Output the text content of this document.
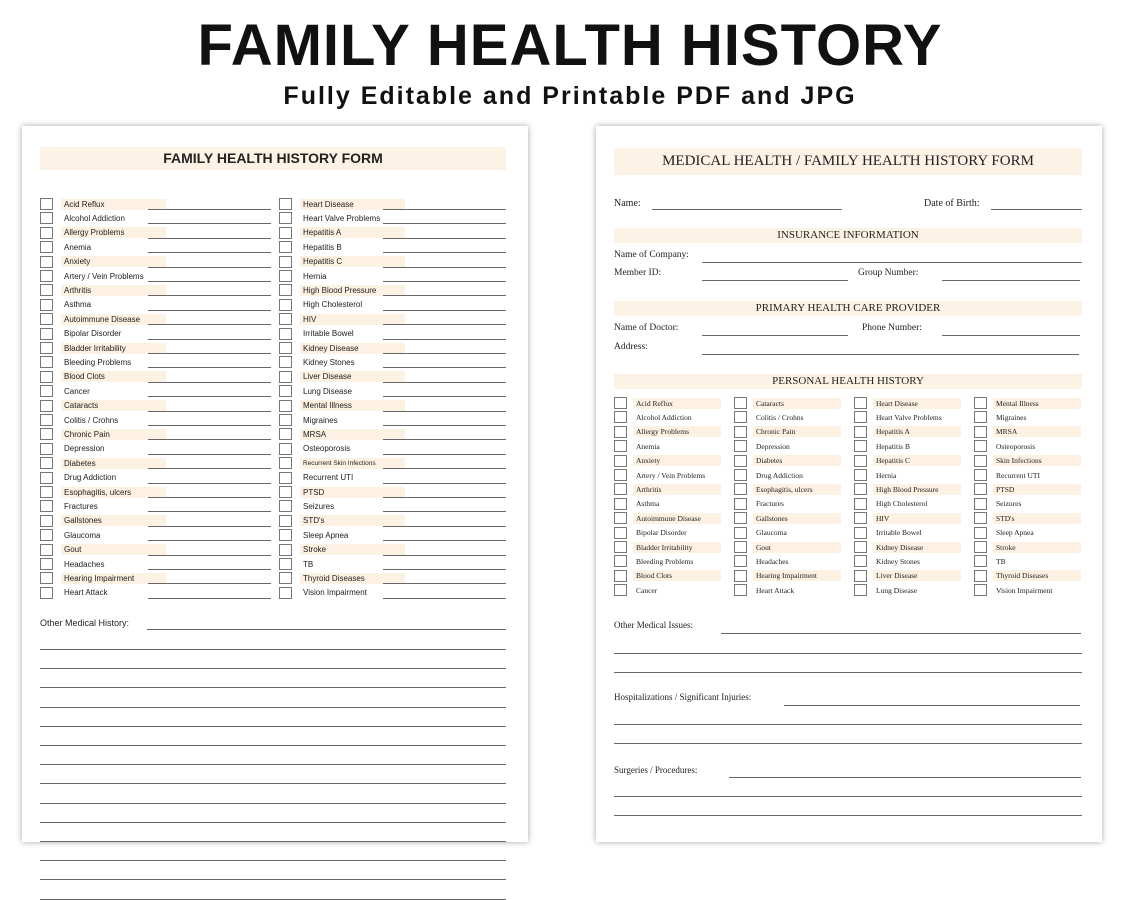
FAMILY HEALTH HISTORY
Fully Editable and Printable PDF and JPG
FAMILY HEALTH HISTORY FORM
Other Medical History:
Acid Reflux
Alcohol Addiction
Allergy Problems
Anemia
Anxiety
Artery / Vein Problems
Arthritis
Asthma
Autoimmune Disease
Bipolar Disorder
Bladder Irritability
Bleeding Problems
Blood Clots
Cancer
Cataracts
Colitis / Crohns
Chronic Pain
Depression
Diabetes
Drug Addiction
Esophagitis, ulcers
Fractures
Gallstones
Glaucoma
Gout
Headaches
Hearing Impairment
Heart Attack
Heart Disease
Heart Valve Problems
Hepatitis A
Hepatitis B
Hepatitis C
Hernia
High Blood Pressure
High Cholesterol
HIV
Irritable Bowel
Kidney Disease
Kidney Stones
Liver Disease
Lung Disease
Mental Illness
Migraines
MRSA
Osteoporosis
Recurrent Skin Infections
Recurrent UTI
PTSD
Seizures
STD's
Sleep Apnea
Stroke
TB
Thyroid Diseases
Vision Impairment
MEDICAL HEALTH / FAMILY HEALTH HISTORY FORM
Name:	Date of Birth:
INSURANCE INFORMATION
Name of Company:
Member ID:	Group Number:
PRIMARY HEALTH CARE PROVIDER
Name of Doctor:	Phone Number:
Address:
PERSONAL HEALTH HISTORY
Other Medical Issues:
Hospitalizations / Significant Injuries:
Surgeries / Procedures:
Acid Reflux
Alcohol Addiction
Allergy Problems
Anemia
Anxiety
Artery / Vein Problems
Arthritis
Asthma
Autoimmune Disease
Bipolar Disorder
Bladder Irritability
Bleeding Problems
Blood Clots
Cancer
Cataracts
Colitis / Crohns
Chronic Pain
Depression
Diabetes
Drug Addiction
Esophagitis, ulcers
Fractures
Gallstones
Glaucoma
Gout
Headaches
Hearing Impairment
Heart Attack
Heart Disease
Heart Valve Problems
Hepatitis A
Hepatitis B
Hepatitis C
Hernia
High Blood Pressure
High Cholesterol
HIV
Irritable Bowel
Kidney Disease
Kidney Stones
Liver Disease
Lung Disease
Mental Illness
Migraines
MRSA
Osteoporosis
Skin Infections
Recurrent UTI
PTSD
Seizures
STD's
Sleep Apnea
Stroke
TB
Thyroid Diseases
Vision Impairment
